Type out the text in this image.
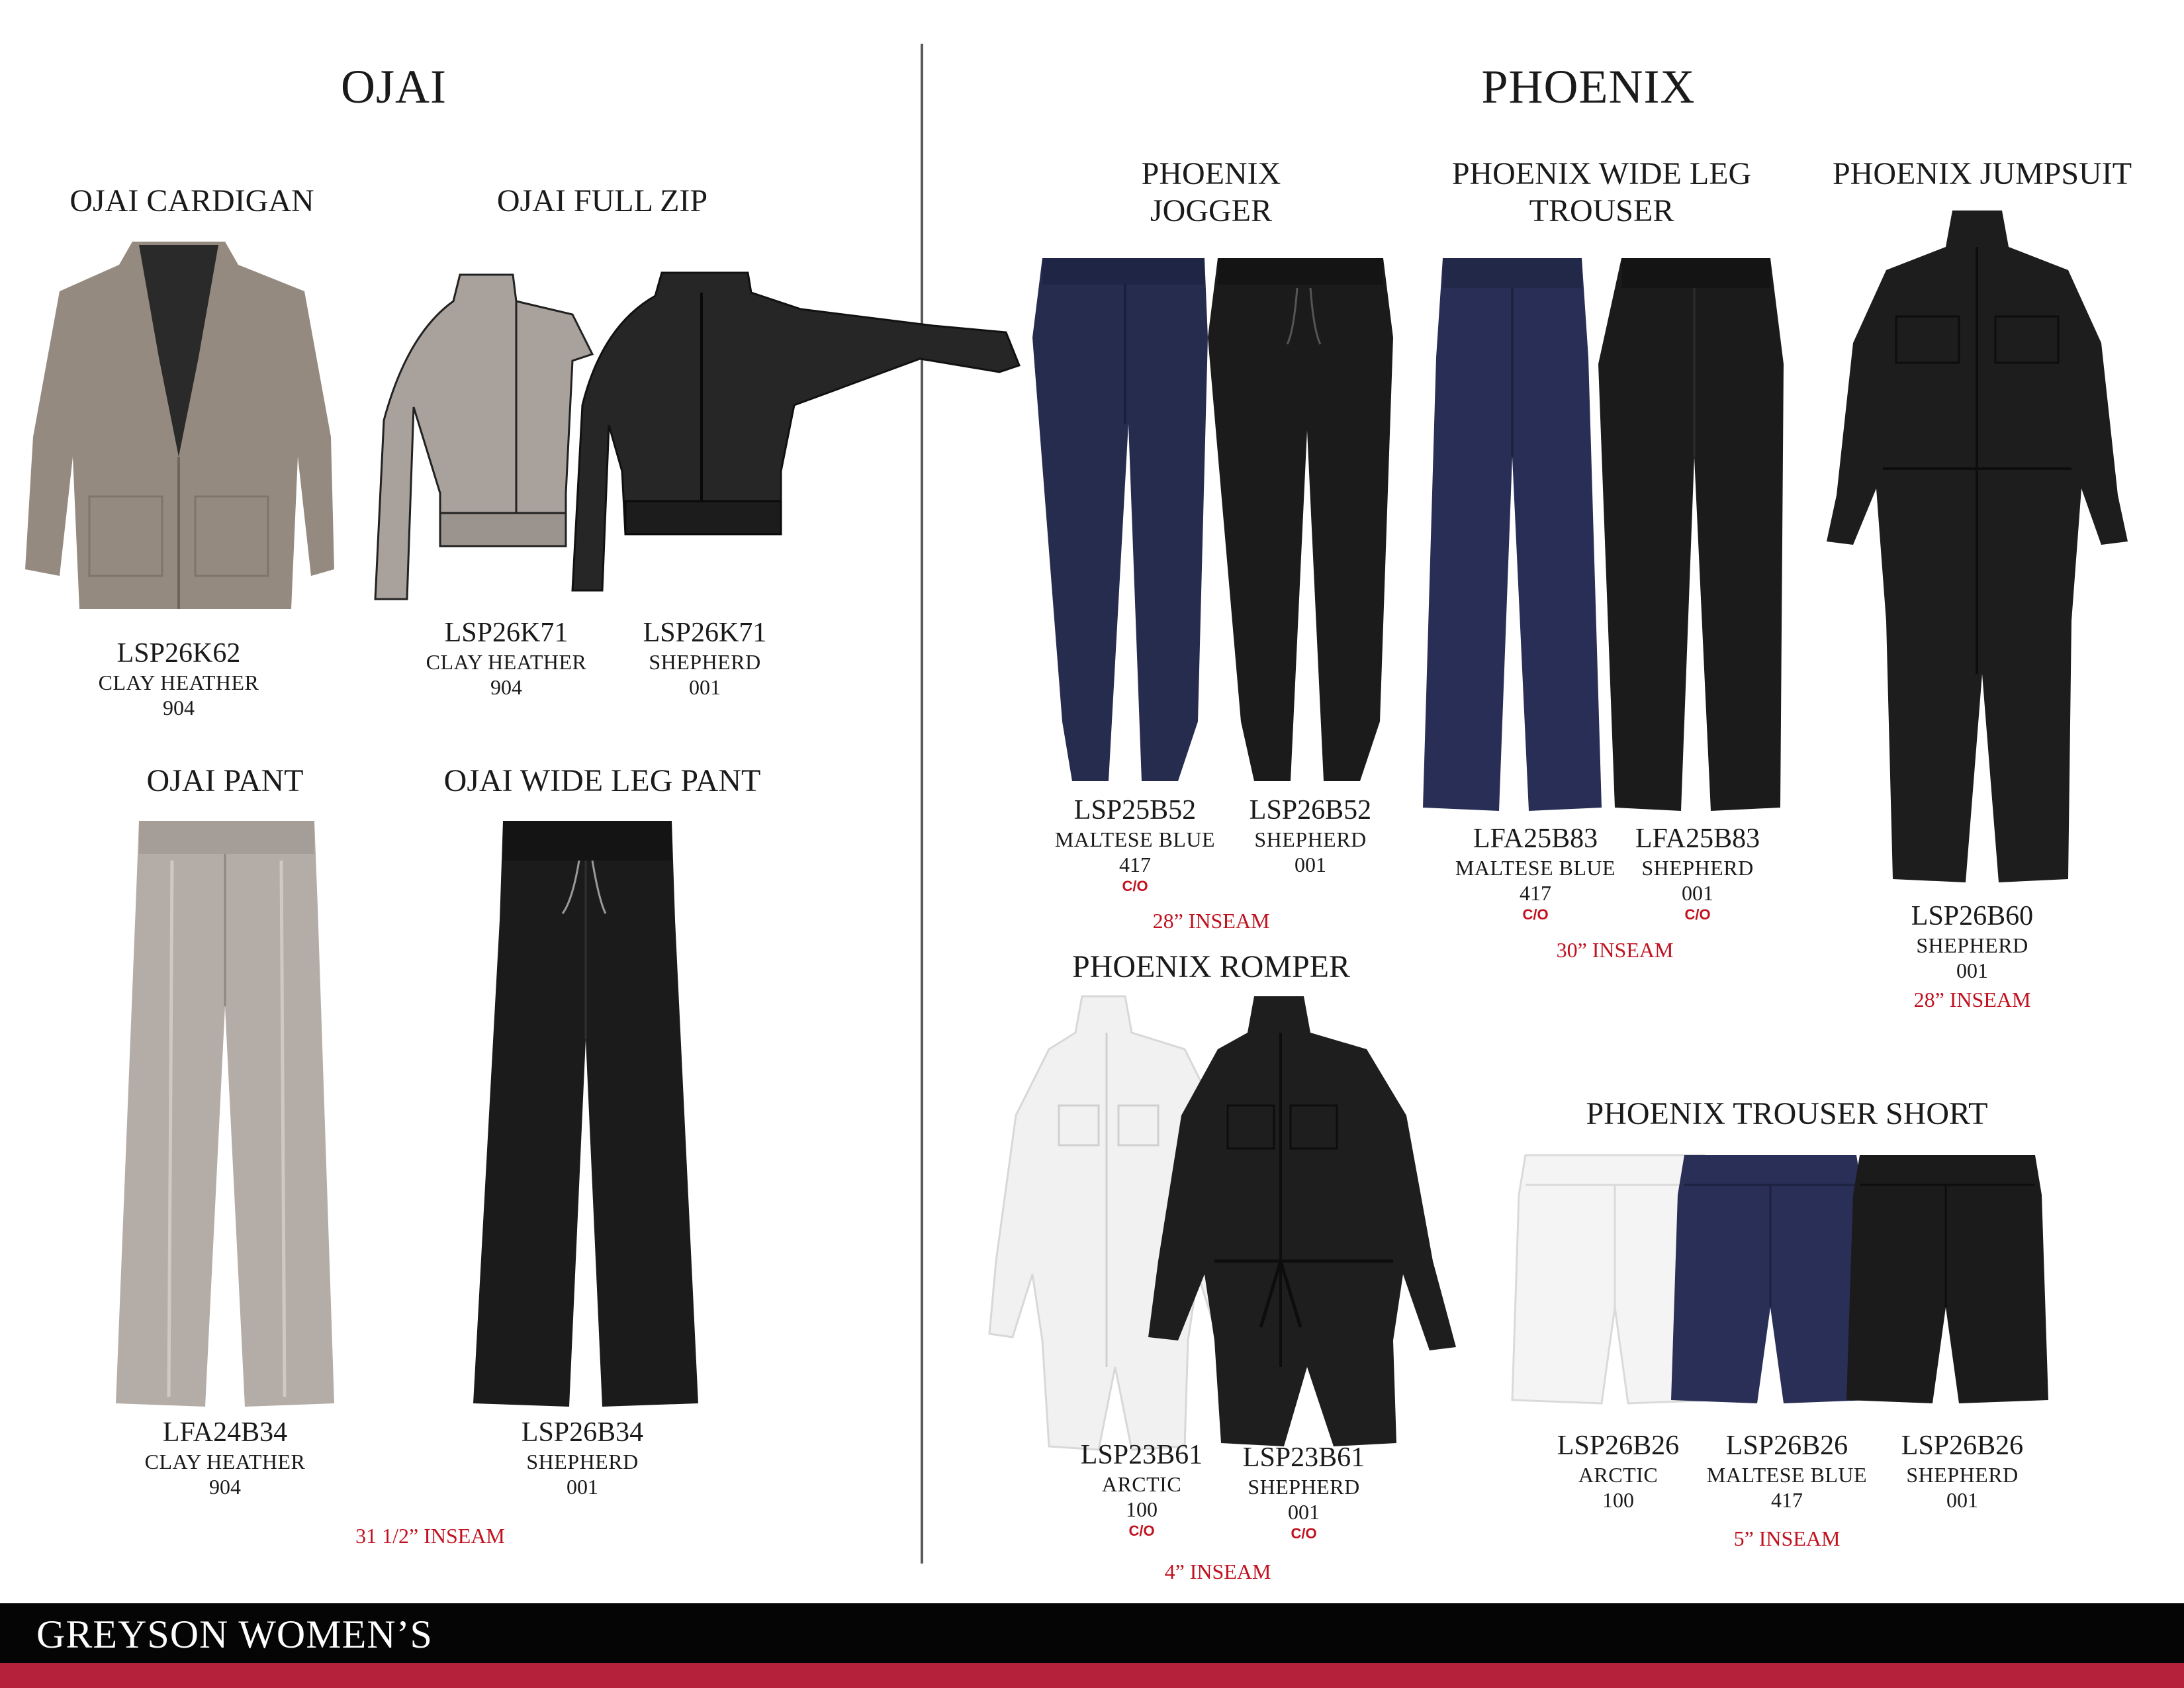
OJAI	PHOENIX
OJAI CARDIGAN
LSP26K62
CLAY HEATHER
904
OJAI FULL ZIP
LSP26K71
CLAY HEATHER
904
LSP26K71
SHEPHERD
001
OJAI PANT
LFA24B34
CLAY HEATHER
904
OJAI WIDE LEG PANT
LSP26B34
SHEPHERD
001
31 1/2” INSEAM
PHOENIX
JOGGER
LSP25B52
MALTESE BLUE
417
C/O
LSP26B52
SHEPHERD
001
28” INSEAM
PHOENIX WIDE LEG
TROUSER
LFA25B83
MALTESE BLUE
417
C/O
LFA25B83
SHEPHERD
001
C/O
30” INSEAM
PHOENIX JUMPSUIT
LSP26B60
SHEPHERD
001
28” INSEAM
PHOENIX ROMPER
LSP23B61
ARCTIC
100
C/O
LSP23B61
SHEPHERD
001
C/O
4” INSEAM
PHOENIX TROUSER SHORT
LSP26B26
ARCTIC
100
LSP26B26
MALTESE BLUE
417
LSP26B26
SHEPHERD
001
5” INSEAM
GREYSON WOMEN’S
